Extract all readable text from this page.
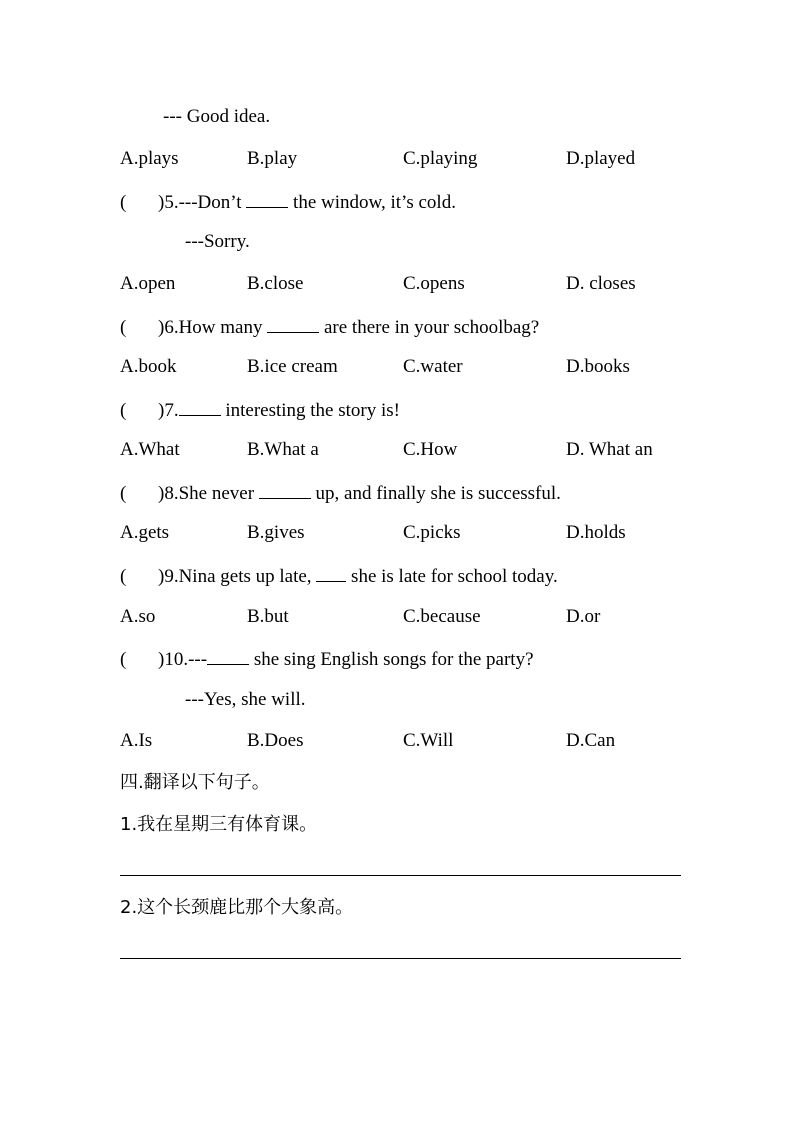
--- Good idea.
A.plays	B.play	C.playing	D.played
( )5.---Don’t	the window, it’s cold.
---Sorry.
A.open	B.close	C.opens	D. closes
( )6.How many	are there in your schoolbag?
A.book	B.ice cream	C.water	D.books
( )7. interesting the story is!
A.What	B.What a	C.How	D. What an
( )8.She never	up, and finally she is successful.
A.gets	B.gives	C.picks	D.holds
( )9.Nina gets up late, she is late for school today.
A.so	B.but	C.because	D.or
( )10.--- she sing English songs for the party?
---Yes, she will.
A.Is	B.Does	C.Will	D.Can
四.翻译以下句子。
1.我在星期三有体育课。
2.这个长颈鹿比那个大象高。
